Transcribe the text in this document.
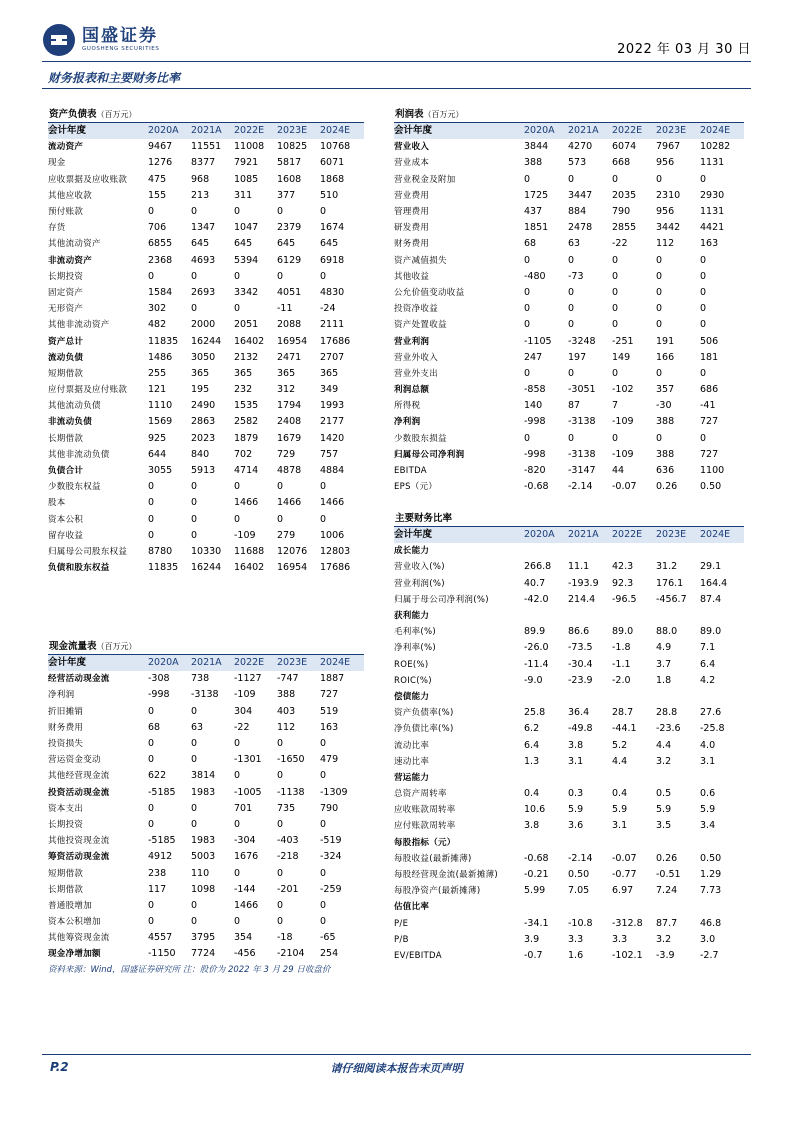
国盛证券
GUOSHENG SECURITIES	2022 年 03 月 30 日
财务报表和主要财务比率
资产负债表（百万元）
会计年度	2020A	2021A	2022E	2023E	2024E
流动资产	9467	11551	11008	10825	10768
现金	1276	8377	7921	5817	6071
应收票据及应收账款	475	968	1085	1608	1868
其他应收款	155	213	311	377	510
预付账款	0	0	0	0	0
存货	706	1347	1047	2379	1674
其他流动资产	6855	645	645	645	645
非流动资产	2368	4693	5394	6129	6918
长期投资	0	0	0	0	0
固定资产	1584	2693	3342	4051	4830
无形资产	302	0	0	-11	-24
其他非流动资产	482	2000	2051	2088	2111
资产总计	11835	16244	16402	16954	17686
流动负债	1486	3050	2132	2471	2707
短期借款	255	365	365	365	365
应付票据及应付账款	121	195	232	312	349
其他流动负债	1110	2490	1535	1794	1993
非流动负债	1569	2863	2582	2408	2177
长期借款	925	2023	1879	1679	1420
其他非流动负债	644	840	702	729	757
负债合计	3055	5913	4714	4878	4884
少数股东权益	0	0	0	0	0
股本	0	0	1466	1466	1466
资本公积	0	0	0	0	0
留存收益	0	0	-109	279	1006
归属母公司股东权益	8780	10330	11688	12076	12803
负债和股东权益	11835	16244	16402	16954	17686
现金流量表（百万元）
会计年度	2020A	2021A	2022E	2023E	2024E
经营活动现金流	-308	738	-1127	-747	1887
净利润	-998	-3138	-109	388	727
折旧摊销	0	0	304	403	519
财务费用	68	63	-22	112	163
投资损失	0	0	0	0	0
营运资金变动	0	0	-1301	-1650	479
其他经营现金流	622	3814	0	0	0
投资活动现金流	-5185	1983	-1005	-1138	-1309
资本支出	0	0	701	735	790
长期投资	0	0	0	0	0
其他投资现金流	-5185	1983	-304	-403	-519
筹资活动现金流	4912	5003	1676	-218	-324
短期借款	238	110	0	0	0
长期借款	117	1098	-144	-201	-259
普通股增加	0	0	1466	0	0
资本公积增加	0	0	0	0	0
其他筹资现金流	4557	3795	354	-18	-65
现金净增加额	-1150	7724	-456	-2104	254
利润表（百万元）
会计年度	2020A	2021A	2022E	2023E	2024E
营业收入	3844	4270	6074	7967	10282
营业成本	388	573	668	956	1131
营业税金及附加	0	0	0	0	0
营业费用	1725	3447	2035	2310	2930
管理费用	437	884	790	956	1131
研发费用	1851	2478	2855	3442	4421
财务费用	68	63	-22	112	163
资产减值损失	0	0	0	0	0
其他收益	-480	-73	0	0	0
公允价值变动收益	0	0	0	0	0
投资净收益	0	0	0	0	0
资产处置收益	0	0	0	0	0
营业利润	-1105	-3248	-251	191	506
营业外收入	247	197	149	166	181
营业外支出	0	0	0	0	0
利润总额	-858	-3051	-102	357	686
所得税	140	87	7	-30	-41
净利润	-998	-3138	-109	388	727
少数股东损益	0	0	0	0	0
归属母公司净利润	-998	-3138	-109	388	727
EBITDA	-820	-3147	44	636	1100
EPS（元）	-0.68	-2.14	-0.07	0.26	0.50
主要财务比率
会计年度	2020A	2021A	2022E	2023E	2024E
成长能力					
营业收入(%)	266.8	11.1	42.3	31.2	29.1
营业利润(%)	40.7	-193.9	92.3	176.1	164.4
归属于母公司净利润(%)	-42.0	214.4	-96.5	-456.7	87.4
获利能力					
毛利率(%)	89.9	86.6	89.0	88.0	89.0
净利率(%)	-26.0	-73.5	-1.8	4.9	7.1
ROE(%)	-11.4	-30.4	-1.1	3.7	6.4
ROIC(%)	-9.0	-23.9	-2.0	1.8	4.2
偿债能力					
资产负债率(%)	25.8	36.4	28.7	28.8	27.6
净负债比率(%)	6.2	-49.8	-44.1	-23.6	-25.8
流动比率	6.4	3.8	5.2	4.4	4.0
速动比率	1.3	3.1	4.4	3.2	3.1
营运能力					
总资产周转率	0.4	0.3	0.4	0.5	0.6
应收账款周转率	10.6	5.9	5.9	5.9	5.9
应付账款周转率	3.8	3.6	3.1	3.5	3.4
每股指标（元）					
每股收益(最新摊薄)	-0.68	-2.14	-0.07	0.26	0.50
每股经营现金流(最新摊薄)	-0.21	0.50	-0.77	-0.51	1.29
每股净资产(最新摊薄)	5.99	7.05	6.97	7.24	7.73
估值比率					
P/E	-34.1	-10.8	-312.8	87.7	46.8
P/B	3.9	3.3	3.3	3.2	3.0
EV/EBITDA	-0.7	1.6	-102.1	-3.9	-2.7
资料来源：Wind，国盛证券研究所 注：股价为 2022 年 3 月 29 日收盘价
请仔细阅读本报告末页声明
P.2
